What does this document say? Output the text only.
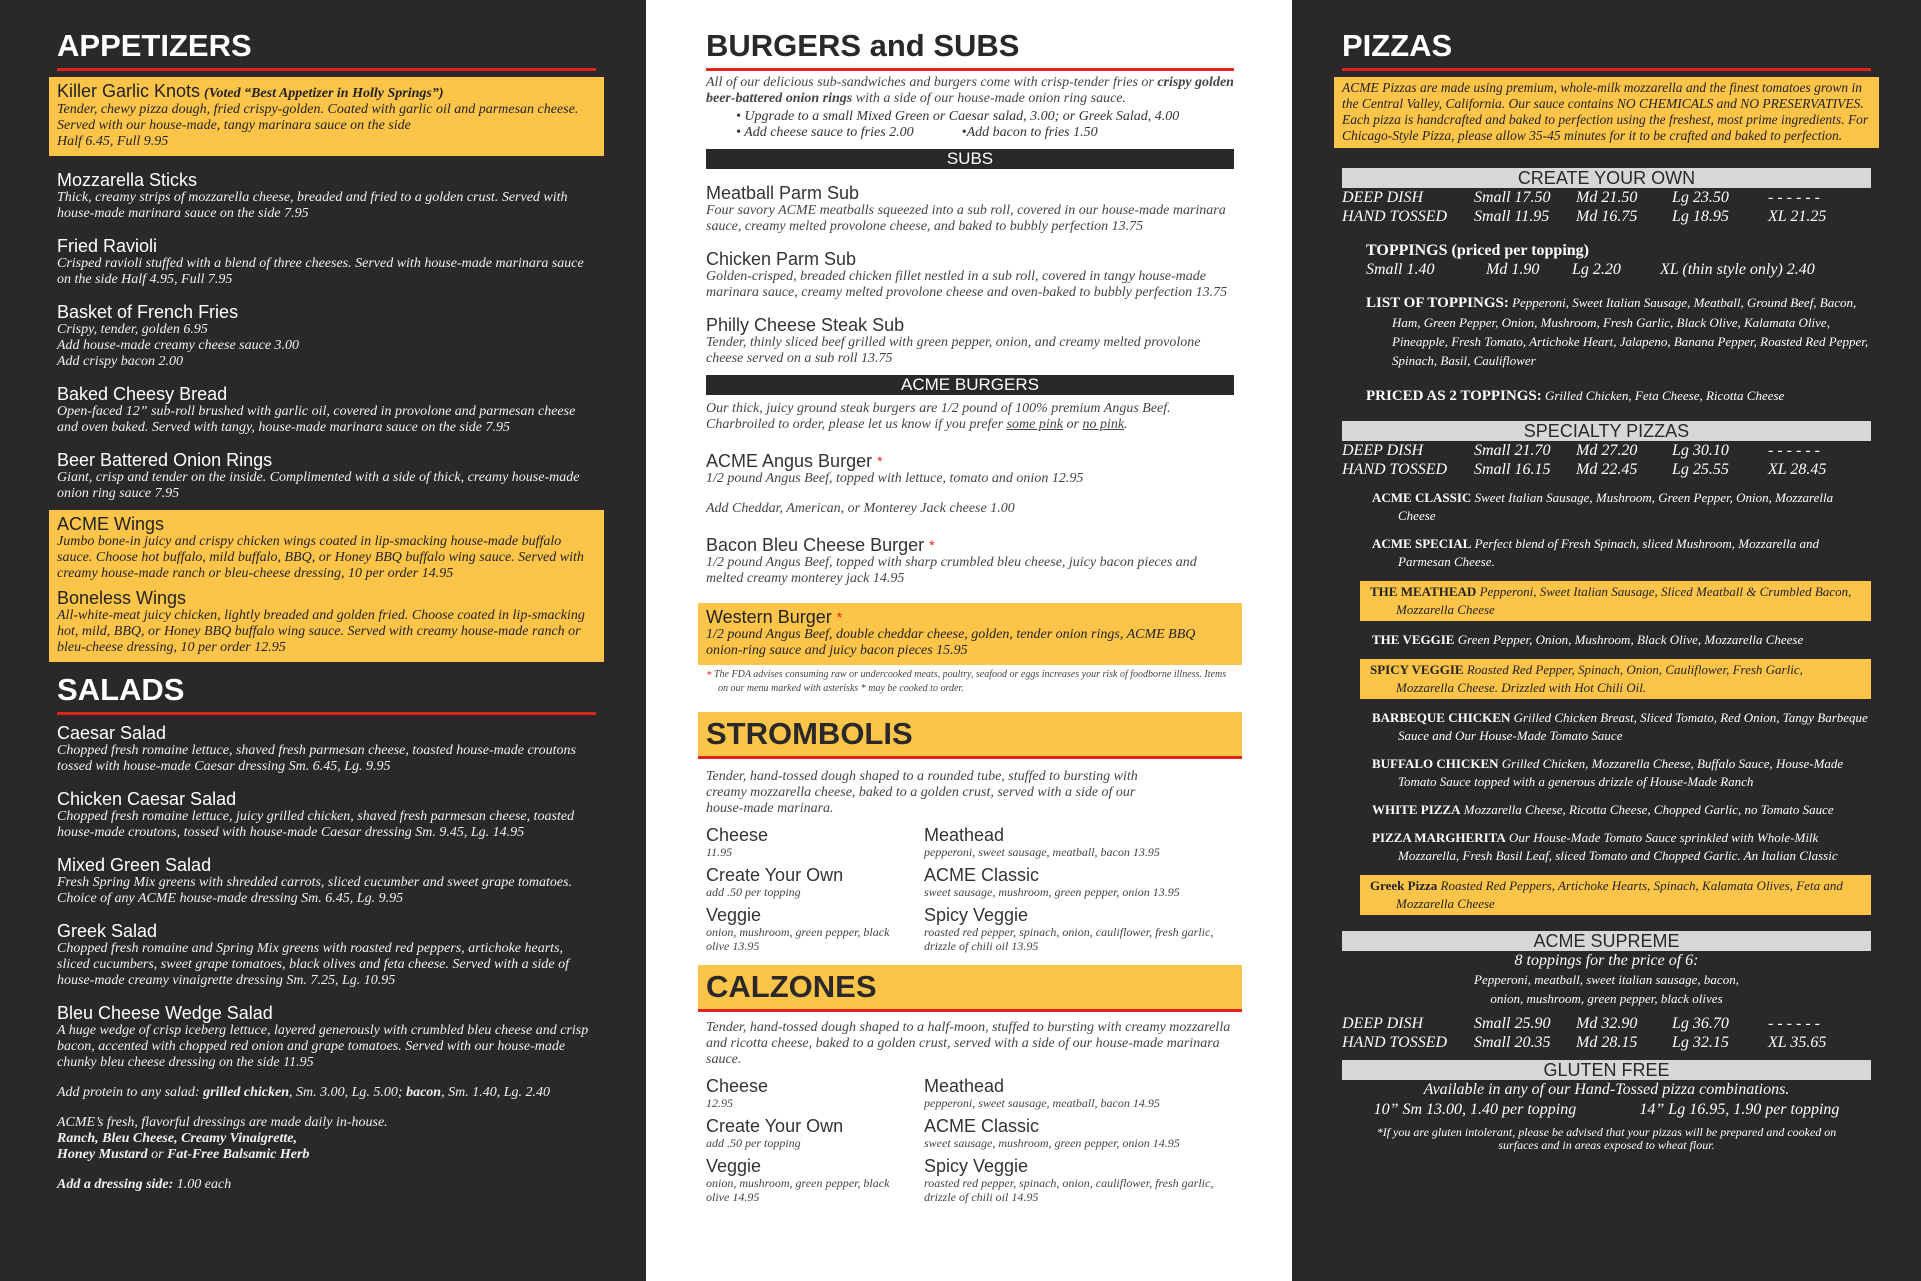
APPETIZERS
Killer Garlic Knots (Voted “Best Appetizer in Holly Springs”)
Tender, chewy pizza dough, fried crispy-golden. Coated with garlic oil and parmesan cheese. Served with our house-made, tangy marinara sauce on the side
Half 6.45, Full 9.95
Mozzarella Sticks
Thick, creamy strips of mozzarella cheese, breaded and fried to a golden crust. Served with house-made marinara sauce on the side 7.95
Fried Ravioli
Crisped ravioli stuffed with a blend of three cheeses. Served with house-made marinara sauce on the side Half 4.95, Full 7.95
Basket of French Fries
Crispy, tender, golden 6.95
Add house-made creamy cheese sauce 3.00
Add crispy bacon 2.00
Baked Cheesy Bread
Open-faced 12” sub-roll brushed with garlic oil, covered in provolone and parmesan cheese and oven baked. Served with tangy, house-made marinara sauce on the side 7.95
Beer Battered Onion Rings
Giant, crisp and tender on the inside. Complimented with a side of thick, creamy house-made onion ring sauce 7.95
ACME Wings
Jumbo bone-in juicy and crispy chicken wings coated in lip-smacking house-made buffalo sauce. Choose hot buffalo, mild buffalo, BBQ, or Honey BBQ buffalo wing sauce. Served with creamy house-made ranch or bleu-cheese dressing, 10 per order 14.95
Boneless Wings
All-white-meat juicy chicken, lightly breaded and golden fried. Choose coated in lip-smacking hot, mild, BBQ, or Honey BBQ buffalo wing sauce. Served with creamy house-made ranch or bleu-cheese dressing, 10 per order 12.95
SALADS
Caesar Salad
Chopped fresh romaine lettuce, shaved fresh parmesan cheese, toasted house-made croutons tossed with house-made Caesar dressing Sm. 6.45, Lg. 9.95
Chicken Caesar Salad
Chopped fresh romaine lettuce, juicy grilled chicken, shaved fresh parmesan cheese, toasted house-made croutons, tossed with house-made Caesar dressing Sm. 9.45, Lg. 14.95
Mixed Green Salad
Fresh Spring Mix greens with shredded carrots, sliced cucumber and sweet grape tomatoes. Choice of any ACME house-made dressing Sm. 6.45, Lg. 9.95
Greek Salad
Chopped fresh romaine and Spring Mix greens with roasted red peppers, artichoke hearts, sliced cucumbers, sweet grape tomatoes, black olives and feta cheese. Served with a side of house-made creamy vinaigrette dressing Sm. 7.25, Lg. 10.95
Bleu Cheese Wedge Salad
A huge wedge of crisp iceberg lettuce, layered generously with crumbled bleu cheese and crisp bacon, accented with chopped red onion and grape tomatoes. Served with our house-made chunky bleu cheese dressing on the side 11.95
Add protein to any salad: grilled chicken, Sm. 3.00, Lg. 5.00; bacon, Sm. 1.40, Lg. 2.40
ACME’s fresh, flavorful dressings are made daily in-house.
Ranch, Bleu Cheese, Creamy Vinaigrette,
Honey Mustard or Fat-Free Balsamic Herb
Add a dressing side: 1.00 each
BURGERS and SUBS
All of our delicious sub-sandwiches and burgers come with crisp-tender fries or crispy golden beer-battered onion rings with a side of our house-made onion ring sauce.
• Upgrade to a small Mixed Green or Caesar salad, 3.00; or Greek Salad, 4.00
• Add cheese sauce to fries 2.00	•Add bacon to fries 1.50
SUBS
Meatball Parm Sub
Four savory ACME meatballs squeezed into a sub roll, covered in our house-made marinara sauce, creamy melted provolone cheese, and baked to bubbly perfection 13.75
Chicken Parm Sub
Golden-crisped, breaded chicken fillet nestled in a sub roll, covered in tangy house-made marinara sauce, creamy melted provolone cheese and oven-baked to bubbly perfection 13.75
Philly Cheese Steak Sub
Tender, thinly sliced beef grilled with green pepper, onion, and creamy melted provolone cheese served on a sub roll 13.75
ACME BURGERS
Our thick, juicy ground steak burgers are 1/2 pound of 100% premium Angus Beef. Charbroiled to order, please let us know if you prefer some pink or no pink.
ACME Angus Burger *
1/2 pound Angus Beef, topped with lettuce, tomato and onion 12.95
Add Cheddar, American, or Monterey Jack cheese 1.00
Bacon Bleu Cheese Burger *
1/2 pound Angus Beef, topped with sharp crumbled bleu cheese, juicy bacon pieces and melted creamy monterey jack 14.95
Western Burger *
1/2 pound Angus Beef, double cheddar cheese, golden, tender onion rings, ACME BBQ onion-ring sauce and juicy bacon pieces 15.95
* The FDA advises consuming raw or undercooked meats, poultry, seafood or eggs increases your risk of foodborne illness. Items on our menu marked with asterisks * may be cooked to order.
STROMBOLIS
Tender, hand-tossed dough shaped to a rounded tube, stuffed to bursting with creamy mozzarella cheese, baked to a golden crust, served with a side of our house-made marinara.
Cheese
11.95
Meathead
pepperoni, sweet sausage, meatball, bacon 13.95
Create Your Own
add .50 per topping
ACME Classic
sweet sausage, mushroom, green pepper, onion 13.95
Veggie
onion, mushroom, green pepper, black olive 13.95
Spicy Veggie
roasted red pepper, spinach, onion, cauliflower, fresh garlic, drizzle of chili oil 13.95
CALZONES
Tender, hand-tossed dough shaped to a half-moon, stuffed to bursting with creamy mozzarella and ricotta cheese, baked to a golden crust, served with a side of our house-made marinara sauce.
Cheese
12.95
Meathead
pepperoni, sweet sausage, meatball, bacon 14.95
Create Your Own
add .50 per topping
ACME Classic
sweet sausage, mushroom, green pepper, onion 14.95
Veggie
onion, mushroom, green pepper, black olive 14.95
Spicy Veggie
roasted red pepper, spinach, onion, cauliflower, fresh garlic, drizzle of chili oil 14.95
PIZZAS
ACME Pizzas are made using premium, whole-milk mozzarella and the finest tomatoes grown in the Central Valley, California. Our sauce contains NO CHEMICALS and NO PRESERVATIVES. Each pizza is handcrafted and baked to perfection using the freshest, most prime ingredients. For Chicago-Style Pizza, please allow 35-45 minutes for it to be crafted and baked to perfection.
CREATE YOUR OWN
DEEP DISH	Small 17.50	Md 21.50	Lg 23.50	- - - - - -
HAND TOSSED	Small 11.95	Md 16.75	Lg 18.95	XL 21.25
TOPPINGS (priced per topping)
Small 1.40	Md 1.90	Lg 2.20	XL (thin style only) 2.40
LIST OF TOPPINGS: Pepperoni, Sweet Italian Sausage, Meatball, Ground Beef, Bacon, Ham, Green Pepper, Onion, Mushroom, Fresh Garlic, Black Olive, Kalamata Olive, Pineapple, Fresh Tomato, Artichoke Heart, Jalapeno, Banana Pepper, Roasted Red Pepper, Spinach, Basil, Cauliflower
PRICED AS 2 TOPPINGS: Grilled Chicken, Feta Cheese, Ricotta Cheese
SPECIALTY PIZZAS
DEEP DISH	Small 21.70	Md 27.20	Lg 30.10	- - - - - -
HAND TOSSED	Small 16.15	Md 22.45	Lg 25.55	XL 28.45
ACME CLASSIC Sweet Italian Sausage, Mushroom, Green Pepper, Onion, Mozzarella Cheese
ACME SPECIAL Perfect blend of Fresh Spinach, sliced Mushroom, Mozzarella and Parmesan Cheese.
THE MEATHEAD Pepperoni, Sweet Italian Sausage, Sliced Meatball & Crumbled Bacon, Mozzarella Cheese
THE VEGGIE Green Pepper, Onion, Mushroom, Black Olive, Mozzarella Cheese
SPICY VEGGIE Roasted Red Pepper, Spinach, Onion, Cauliflower, Fresh Garlic, Mozzarella Cheese. Drizzled with Hot Chili Oil.
BARBEQUE CHICKEN Grilled Chicken Breast, Sliced Tomato, Red Onion, Tangy Barbeque Sauce and Our House-Made Tomato Sauce
BUFFALO CHICKEN Grilled Chicken, Mozzarella Cheese, Buffalo Sauce, House-Made Tomato Sauce topped with a generous drizzle of House-Made Ranch
WHITE PIZZA Mozzarella Cheese, Ricotta Cheese, Chopped Garlic, no Tomato Sauce
PIZZA MARGHERITA Our House-Made Tomato Sauce sprinkled with Whole-Milk Mozzarella, Fresh Basil Leaf, sliced Tomato and Chopped Garlic. An Italian Classic
Greek Pizza Roasted Red Peppers, Artichoke Hearts, Spinach, Kalamata Olives, Feta and Mozzarella Cheese
ACME SUPREME
8 toppings for the price of 6:
Pepperoni, meatball, sweet italian sausage, bacon,
onion, mushroom, green pepper, black olives
DEEP DISH	Small 25.90	Md 32.90	Lg 36.70	- - - - - -
HAND TOSSED	Small 20.35	Md 28.15	Lg 32.15	XL 35.65
GLUTEN FREE
Available in any of our Hand-Tossed pizza combinations.
10” Sm 13.00, 1.40 per topping	14” Lg 16.95, 1.90 per topping
*If you are gluten intolerant, please be advised that your pizzas will be prepared and cooked on surfaces and in areas exposed to wheat flour.
